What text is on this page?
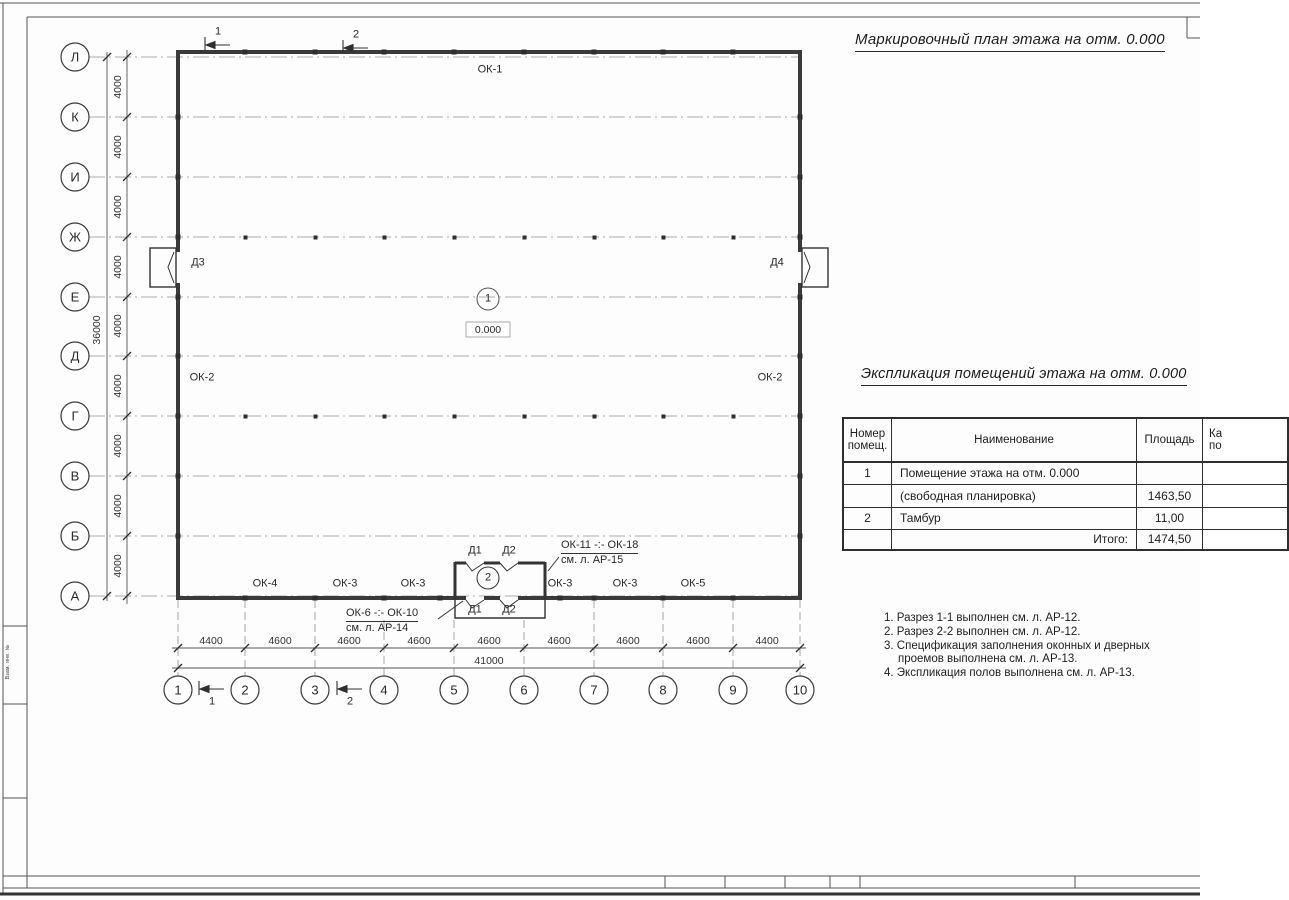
Маркировочный план этажа на отм. 0.000
Экспликация помещений этажа на отм. 0.000
Л
К
И
Ж
Е
Д
Г
В
Б
А
1	2	3	4	5	6	7	8	9	10
4000
4000
4000
4000
4000
4000
4000
4000
4000
36000
4400	4600	4600	4600	4600	4600	4600	4600	4400
41000
ОК-1
ОК-2	ОК-2
ОК-4	ОК-3	ОК-3	ОК-3	ОК-3	ОК-5
Д3	Д4
Д1 Д2
Д1 Д2
1
0.000
2
1	2
1	2
ОК-11 -:- ОК-18
см. л. АР-15
ОК-6 -:- ОК-10
см. л. АР-14
Номер помещ.	Наименование	Площадь	Ка
по
1	Помещение этажа на отм. 0.000		
	(свободная планировка)	1463,50	
2	Тамбур	11,00	
	Итого:	1474,50	
1. Разрез 1-1 выполнен см. л. АР-12.
2. Разрез 2-2 выполнен см. л. АР-12.
3. Спецификация заполнения оконных и дверных проемов выполнена см. л. АР-13.
4. Экспликация полов выполнена см. л. АР-13.
Взам. инв. №
